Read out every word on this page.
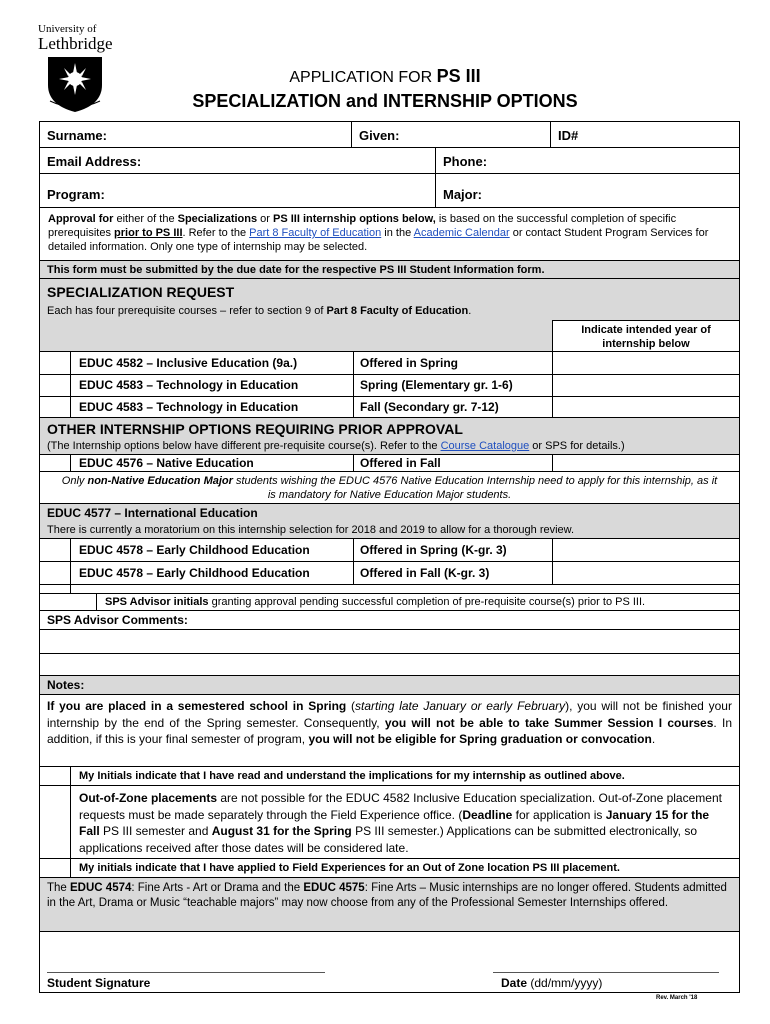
University of
Lethbridge
FIAT LUX
APPLICATION FOR PS III
SPECIALIZATION and INTERNSHIP OPTIONS
Surname:	Given:	ID#
Email Address:	Phone:
Program:	Major:
Approval for either of the Specializations or PS III internship options below, is based on the successful completion of specific prerequisites prior to PS III. Refer to the Part 8 Faculty of Education in the Academic Calendar or contact Student Program Services for detailed information. Only one type of internship may be selected.
This form must be submitted by the due date for the respective PS III Student Information form.
SPECIALIZATION REQUEST
Each has four prerequisite courses – refer to section 9 of Part 8 Faculty of Education.
Indicate intended year of internship below
EDUC 4582 – Inclusive Education (9a.)	Offered in Spring
EDUC 4583 – Technology in Education	Spring (Elementary gr. 1-6)
EDUC 4583 – Technology in Education	Fall (Secondary gr. 7-12)
OTHER INTERNSHIP OPTIONS REQUIRING PRIOR APPROVAL
(The Internship options below have different pre-requisite course(s). Refer to the Course Catalogue or SPS for details.)
EDUC 4576 – Native Education	Offered in Fall
Only non-Native Education Major students wishing the EDUC 4576 Native Education Internship need to apply for this internship, as it is mandatory for Native Education Major students.
EDUC 4577 – International Education
There is currently a moratorium on this internship selection for 2018 and 2019 to allow for a thorough review.
EDUC 4578 – Early Childhood Education	Offered in Spring (K-gr. 3)
EDUC 4578 – Early Childhood Education	Offered in Fall (K-gr. 3)
SPS Advisor initials granting approval pending successful completion of pre-requisite course(s) prior to PS III.
SPS Advisor Comments:
Notes:
If you are placed in a semestered school in Spring (starting late January or early February), you will not be finished your internship by the end of the Spring semester. Consequently, you will not be able to take Summer Session I courses. In addition, if this is your final semester of program, you will not be eligible for Spring graduation or convocation.
My Initials indicate that I have read and understand the implications for my internship as outlined above.
Out-of-Zone placements are not possible for the EDUC 4582 Inclusive Education specialization. Out-of-Zone placement requests must be made separately through the Field Experience office. (Deadline for application is January 15 for the Fall PS III semester and August 31 for the Spring PS III semester.) Applications can be submitted electronically, so applications received after those dates will be considered late.
My initials indicate that I have applied to Field Experiences for an Out of Zone location PS III placement.
The EDUC 4574: Fine Arts - Art or Drama and the EDUC 4575: Fine Arts – Music internships are no longer offered. Students admitted in the Art, Drama or Music “teachable majors” may now choose from any of the Professional Semester Internships offered.
Student Signature	Date (dd/mm/yyyy)
Rev. March '18
